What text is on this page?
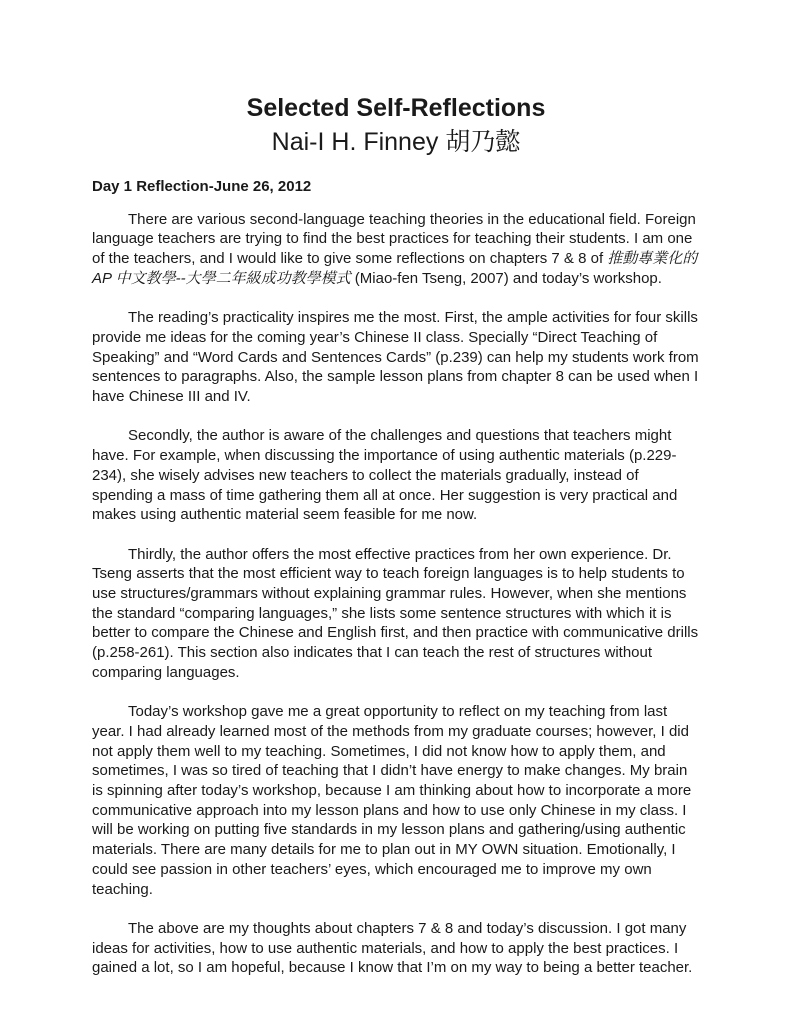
Selected Self-Reflections
Nai-I H. Finney 胡乃懿
Day 1 Reflection-June 26, 2012

There are various second-language teaching theories in the educational field. Foreign language teachers are trying to find the best practices for teaching their students. I am one of the teachers, and I would like to give some reflections on chapters 7 & 8 of 推動專業化的 AP 中文教學--大學二年級成功教學模式 (Miao-fen Tseng, 2007) and today’s workshop.

The reading’s practicality inspires me the most. First, the ample activities for four skills provide me ideas for the coming year’s Chinese II class. Specially “Direct Teaching of Speaking” and “Word Cards and Sentences Cards” (p.239) can help my students work from sentences to paragraphs. Also, the sample lesson plans from chapter 8 can be used when I have Chinese III and IV.

Secondly, the author is aware of the challenges and questions that teachers might have. For example, when discussing the importance of using authentic materials (p.229-234), she wisely advises new teachers to collect the materials gradually, instead of spending a mass of time gathering them all at once. Her suggestion is very practical and makes using authentic material seem feasible for me now.

Thirdly, the author offers the most effective practices from her own experience. Dr. Tseng asserts that the most efficient way to teach foreign languages is to help students to use structures/grammars without explaining grammar rules. However, when she mentions the standard “comparing languages,” she lists some sentence structures with which it is better to compare the Chinese and English first, and then practice with communicative drills (p.258-261). This section also indicates that I can teach the rest of structures without comparing languages.

Today’s workshop gave me a great opportunity to reflect on my teaching from last year. I had already learned most of the methods from my graduate courses; however, I did not apply them well to my teaching. Sometimes, I did not know how to apply them, and sometimes, I was so tired of teaching that I didn’t have energy to make changes. My brain is spinning after today’s workshop, because I am thinking about how to incorporate a more communicative approach into my lesson plans and how to use only Chinese in my class. I will be working on putting five standards in my lesson plans and gathering/using authentic materials. There are many details for me to plan out in MY OWN situation. Emotionally, I could see passion in other teachers’ eyes, which encouraged me to improve my own teaching.

The above are my thoughts about chapters 7 & 8 and today’s discussion. I got many ideas for activities, how to use authentic materials, and how to apply the best practices. I gained a lot, so I am hopeful, because I know that I’m on my way to being a better teacher.
